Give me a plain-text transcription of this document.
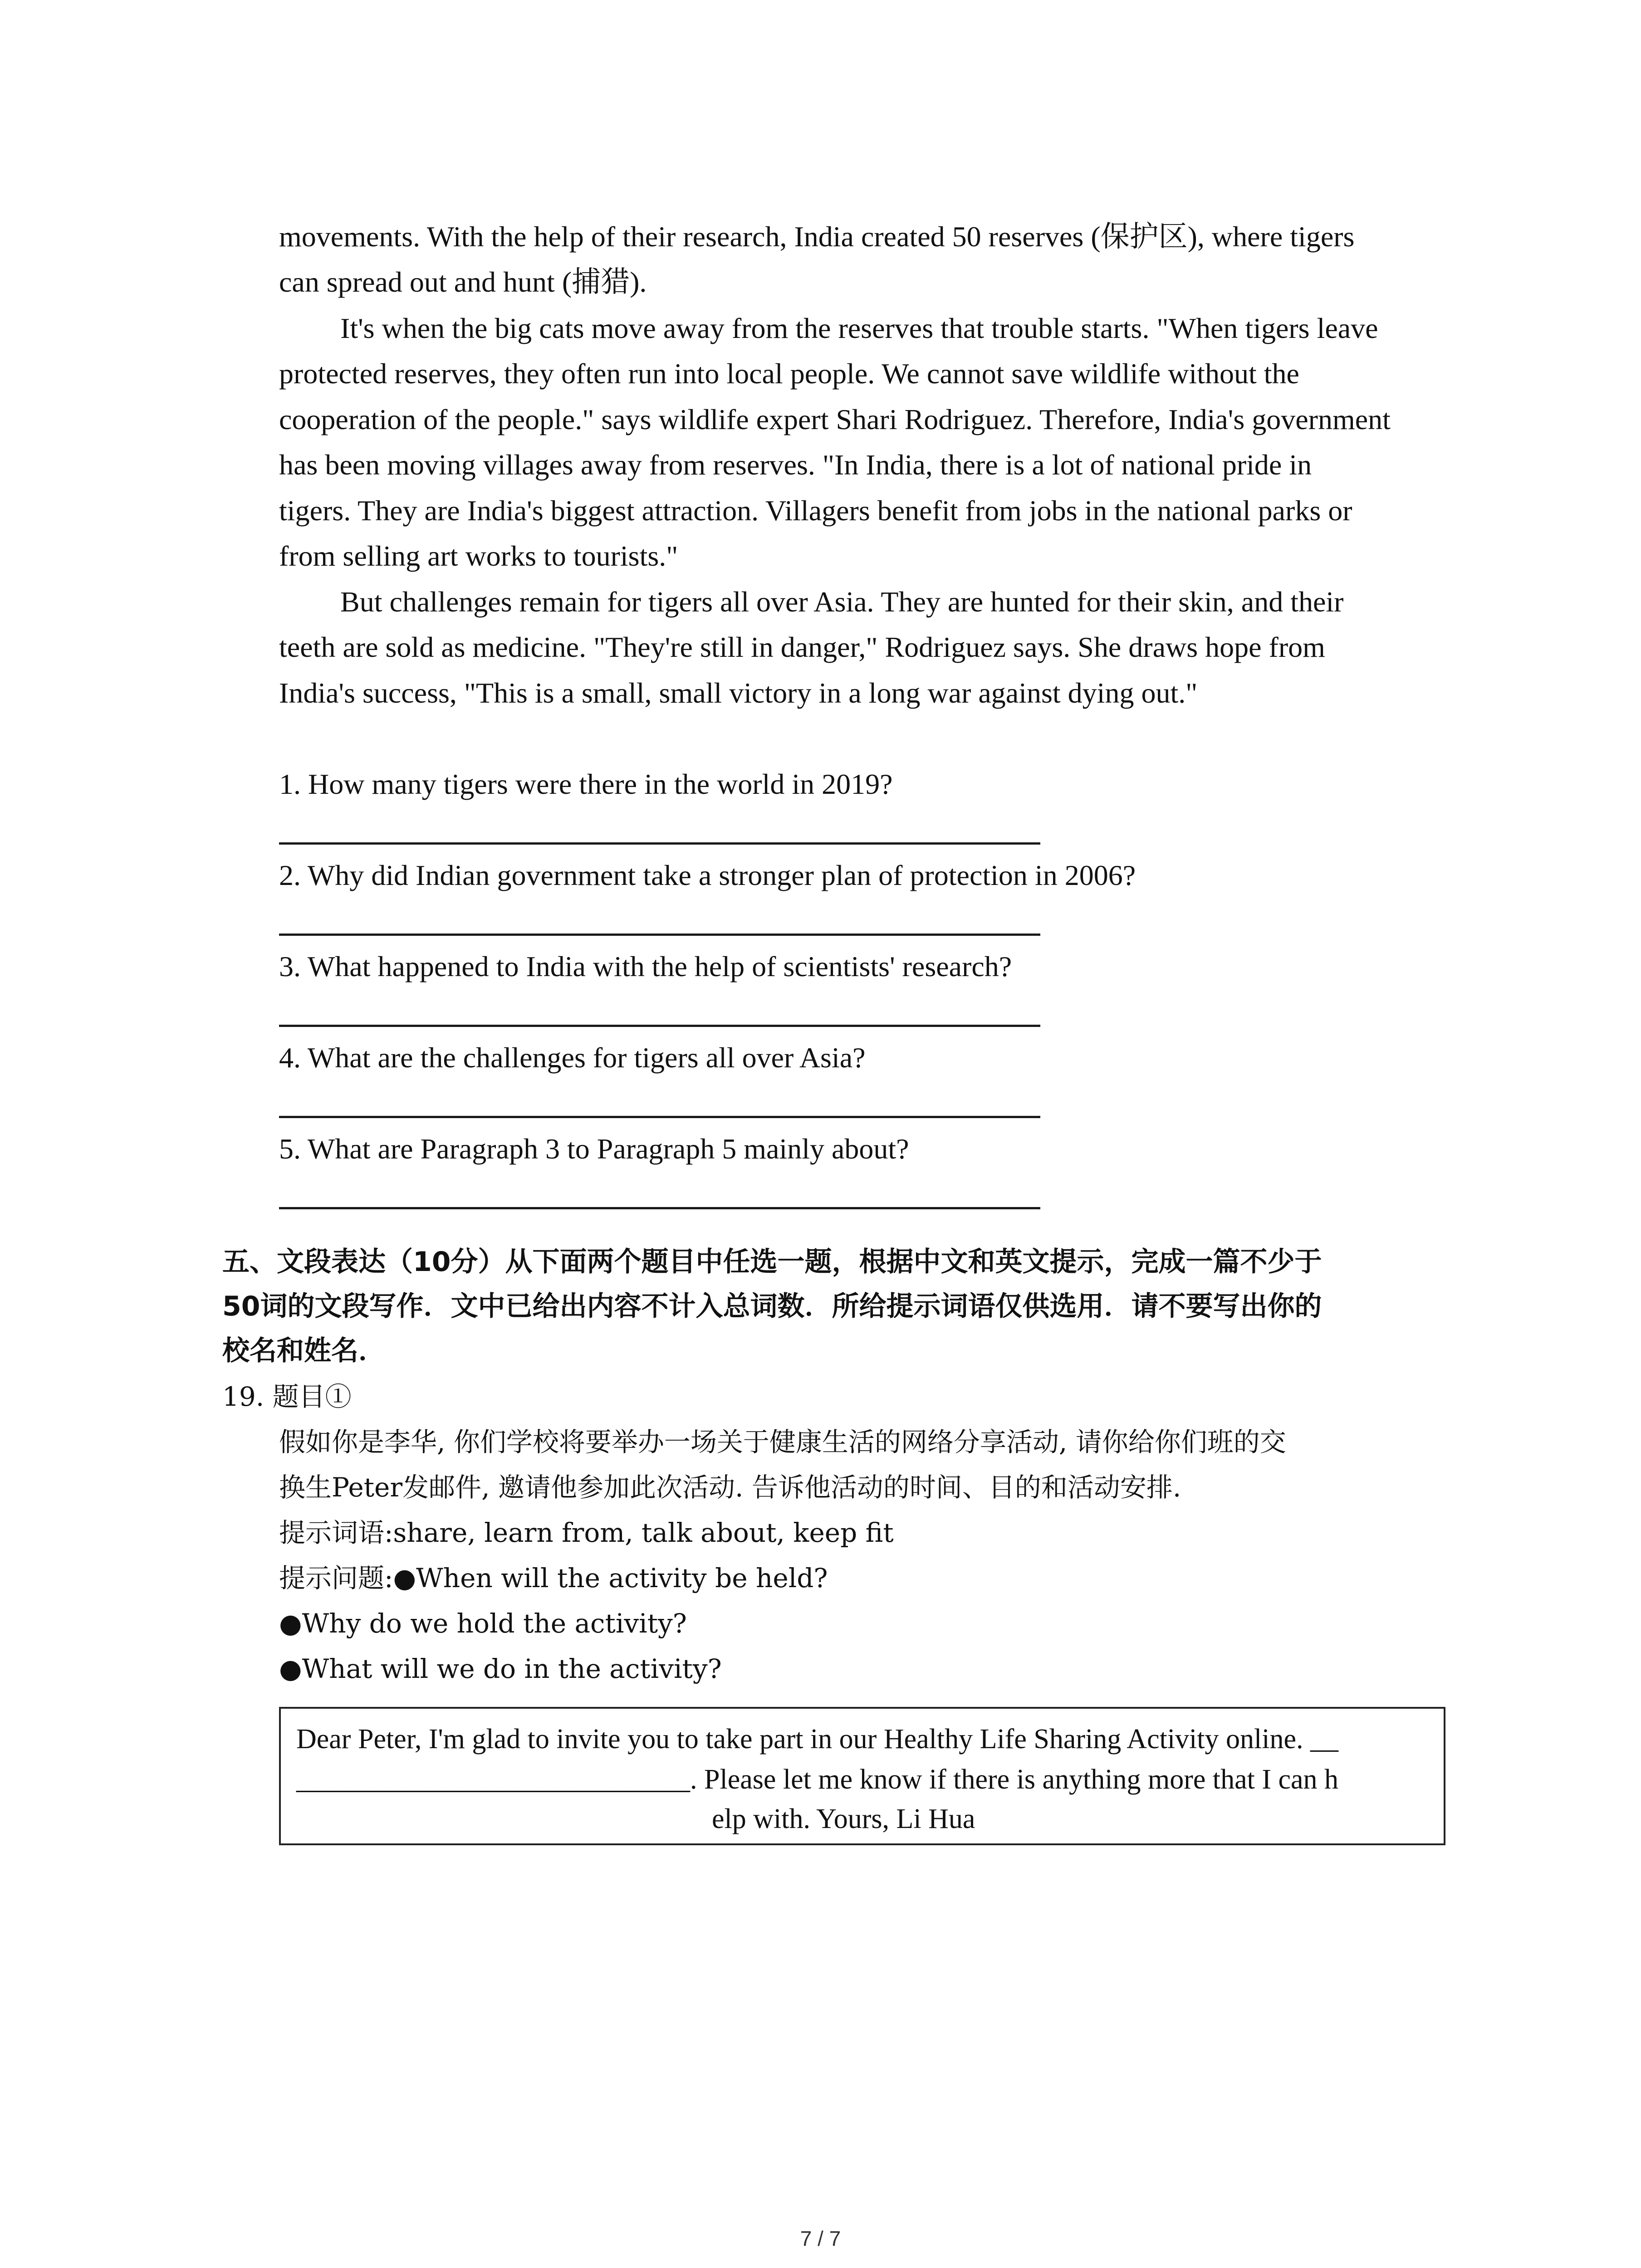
movements. With the help of their research, India created 50 reserves (保护区), where tigers
can spread out and hunt (捕猎).
It's when the big cats move away from the reserves that trouble starts. "When tigers leave
protected reserves, they often run into local people. We cannot save wildlife without the
cooperation of the people." says wildlife expert Shari Rodriguez. Therefore, India's government
has been moving villages away from reserves. "In India, there is a lot of national pride in
tigers. They are India's biggest attraction. Villagers benefit from jobs in the national parks or
from selling art works to tourists."
But challenges remain for tigers all over Asia. They are hunted for their skin, and their
teeth are sold as medicine. "They're still in danger," Rodriguez says. She draws hope from
India's success, "This is a small, small victory in a long war against dying out."
1. How many tigers were there in the world in 2019?
2. Why did Indian government take a stronger plan of protection in 2006?
3. What happened to India with the help of scientists' research?
4. What are the challenges for tigers all over Asia?
5. What are Paragraph 3 to Paragraph 5 mainly about?
五、文段表达（10分）从下面两个题目中任选一题，根据中文和英文提示，完成一篇不少于
50词的文段写作．文中已给出内容不计入总词数．所给提示词语仅供选用．请不要写出你的
校名和姓名．
19. 题目①
假如你是李华, 你们学校将要举办一场关于健康生活的网络分享活动, 请你给你们班的交
换生Peter发邮件, 邀请他参加此次活动. 告诉他活动的时间、目的和活动安排.
提示词语:share, learn from, talk about, keep fit
提示问题:●When will the activity be held?
●Why do we hold the activity?
●What will we do in the activity?
Dear Peter, I'm glad to invite you to take part in our Healthy Life Sharing Activity online. __
____________________________. Please let me know if there is anything more that I can h
elp with. Yours, Li Hua
7 / 7
